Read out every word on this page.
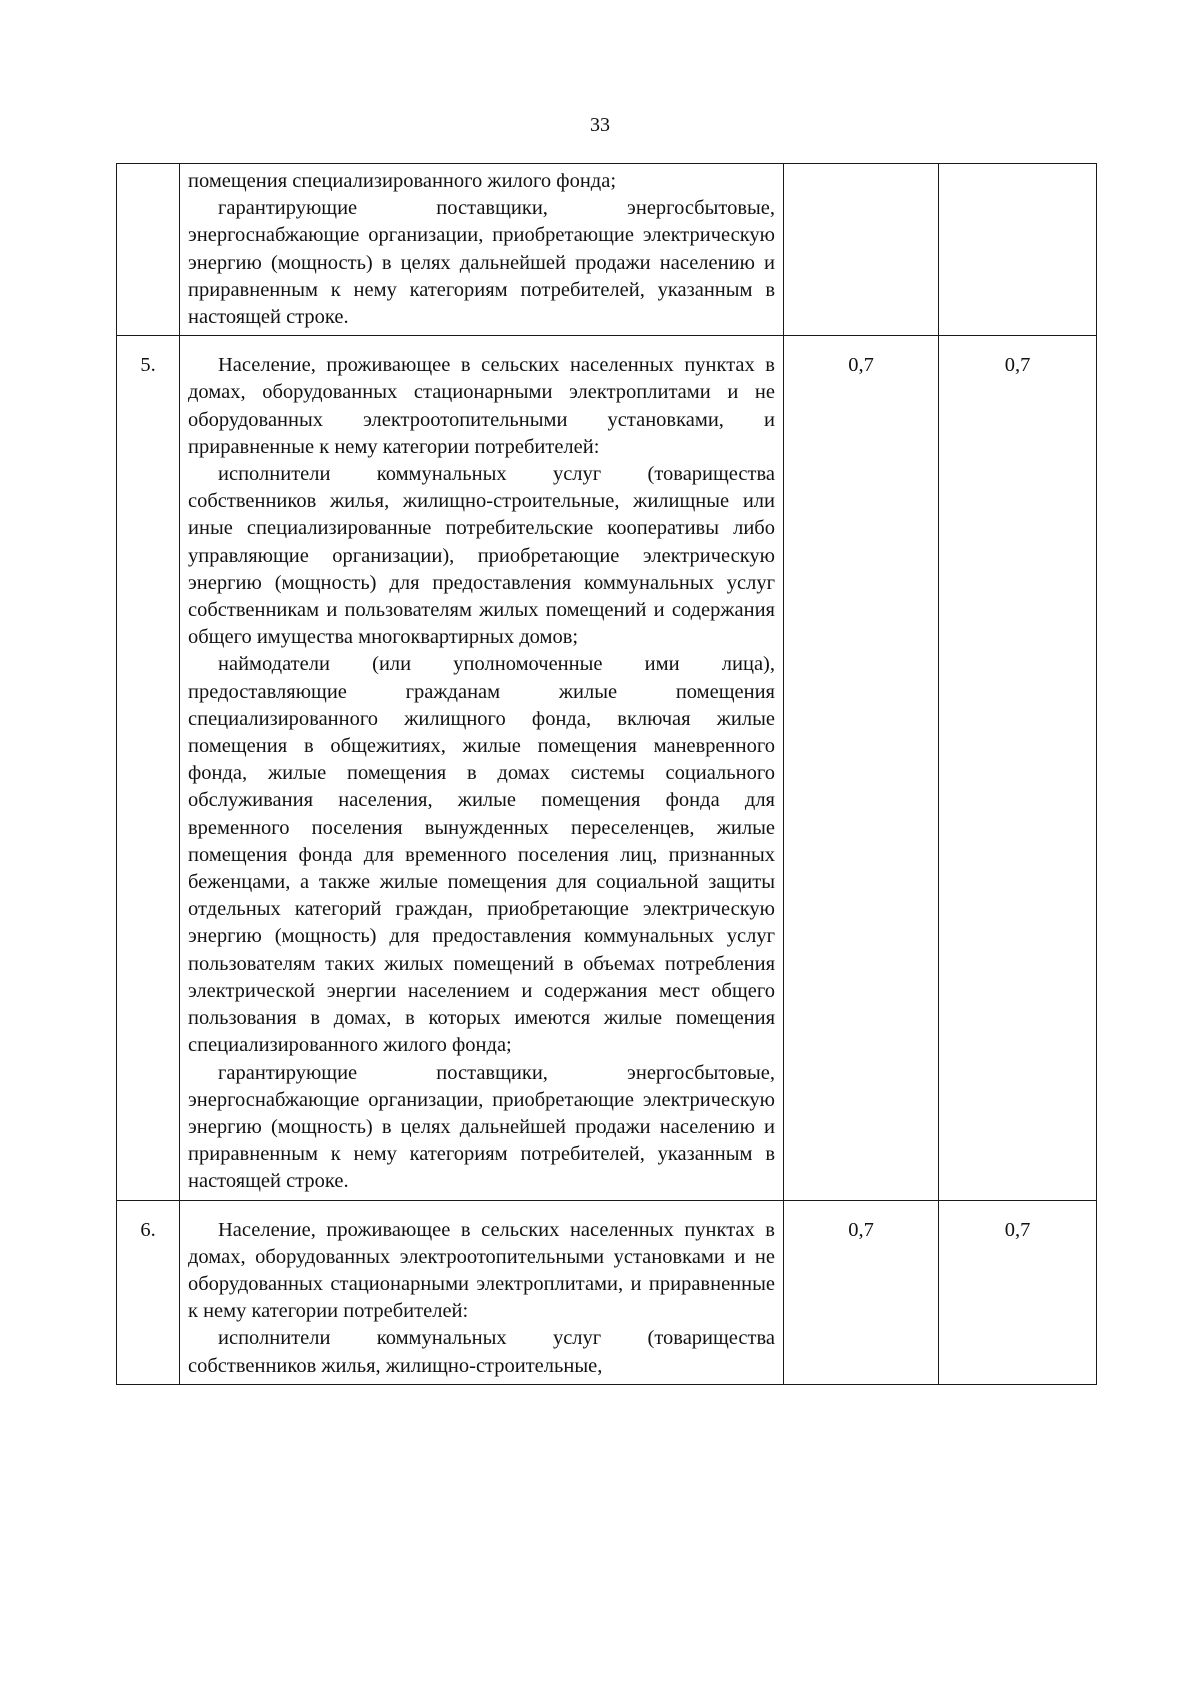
33

	помещения специализированного жилого фонда;

гарантирующие поставщики, энергосбытовые, энергоснабжающие организации, приобретающие электрическую энергию (мощность) в целях дальнейшей продажи населению и приравненным к нему категориям потребителей, указанным в настоящей строке.		

5.	Население, проживающее в сельских населенных пунктах в домах, оборудованных стационарными электроплитами и не оборудованных электроотопительными установками, и приравненные к нему категории потребителей:

исполнители коммунальных услуг (товарищества собственников жилья, жилищно-строительные, жилищные или иные специализированные потребительские кооперативы либо управляющие организации), приобретающие электрическую энергию (мощность) для предоставления коммунальных услуг собственникам и пользователям жилых помещений и содержания общего имущества многоквартирных домов;

наймодатели (или уполномоченные ими лица), предоставляющие гражданам жилые помещения специализированного жилищного фонда, включая жилые помещения в общежитиях, жилые помещения маневренного фонда, жилые помещения в домах системы социального обслуживания населения, жилые помещения фонда для временного поселения вынужденных переселенцев, жилые помещения фонда для временного поселения лиц, признанных беженцами, а также жилые помещения для социальной защиты отдельных категорий граждан, приобретающие электрическую энергию (мощность) для предоставления коммунальных услуг пользователям таких жилых помещений в объемах потребления электрической энергии населением и содержания мест общего пользования в домах, в которых имеются жилые помещения специализированного жилого фонда;

гарантирующие поставщики, энергосбытовые, энергоснабжающие организации, приобретающие электрическую энергию (мощность) в целях дальнейшей продажи населению и приравненным к нему категориям потребителей, указанным в настоящей строке.	0,7	0,7
6.	Население, проживающее в сельских населенных пунктах в домах, оборудованных электроотопительными установками и не оборудованных стационарными электроплитами, и приравненные к нему категории потребителей:

исполнители коммунальных услуг (товарищества собственников жилья, жилищно-строительные,	0,7	0,7
